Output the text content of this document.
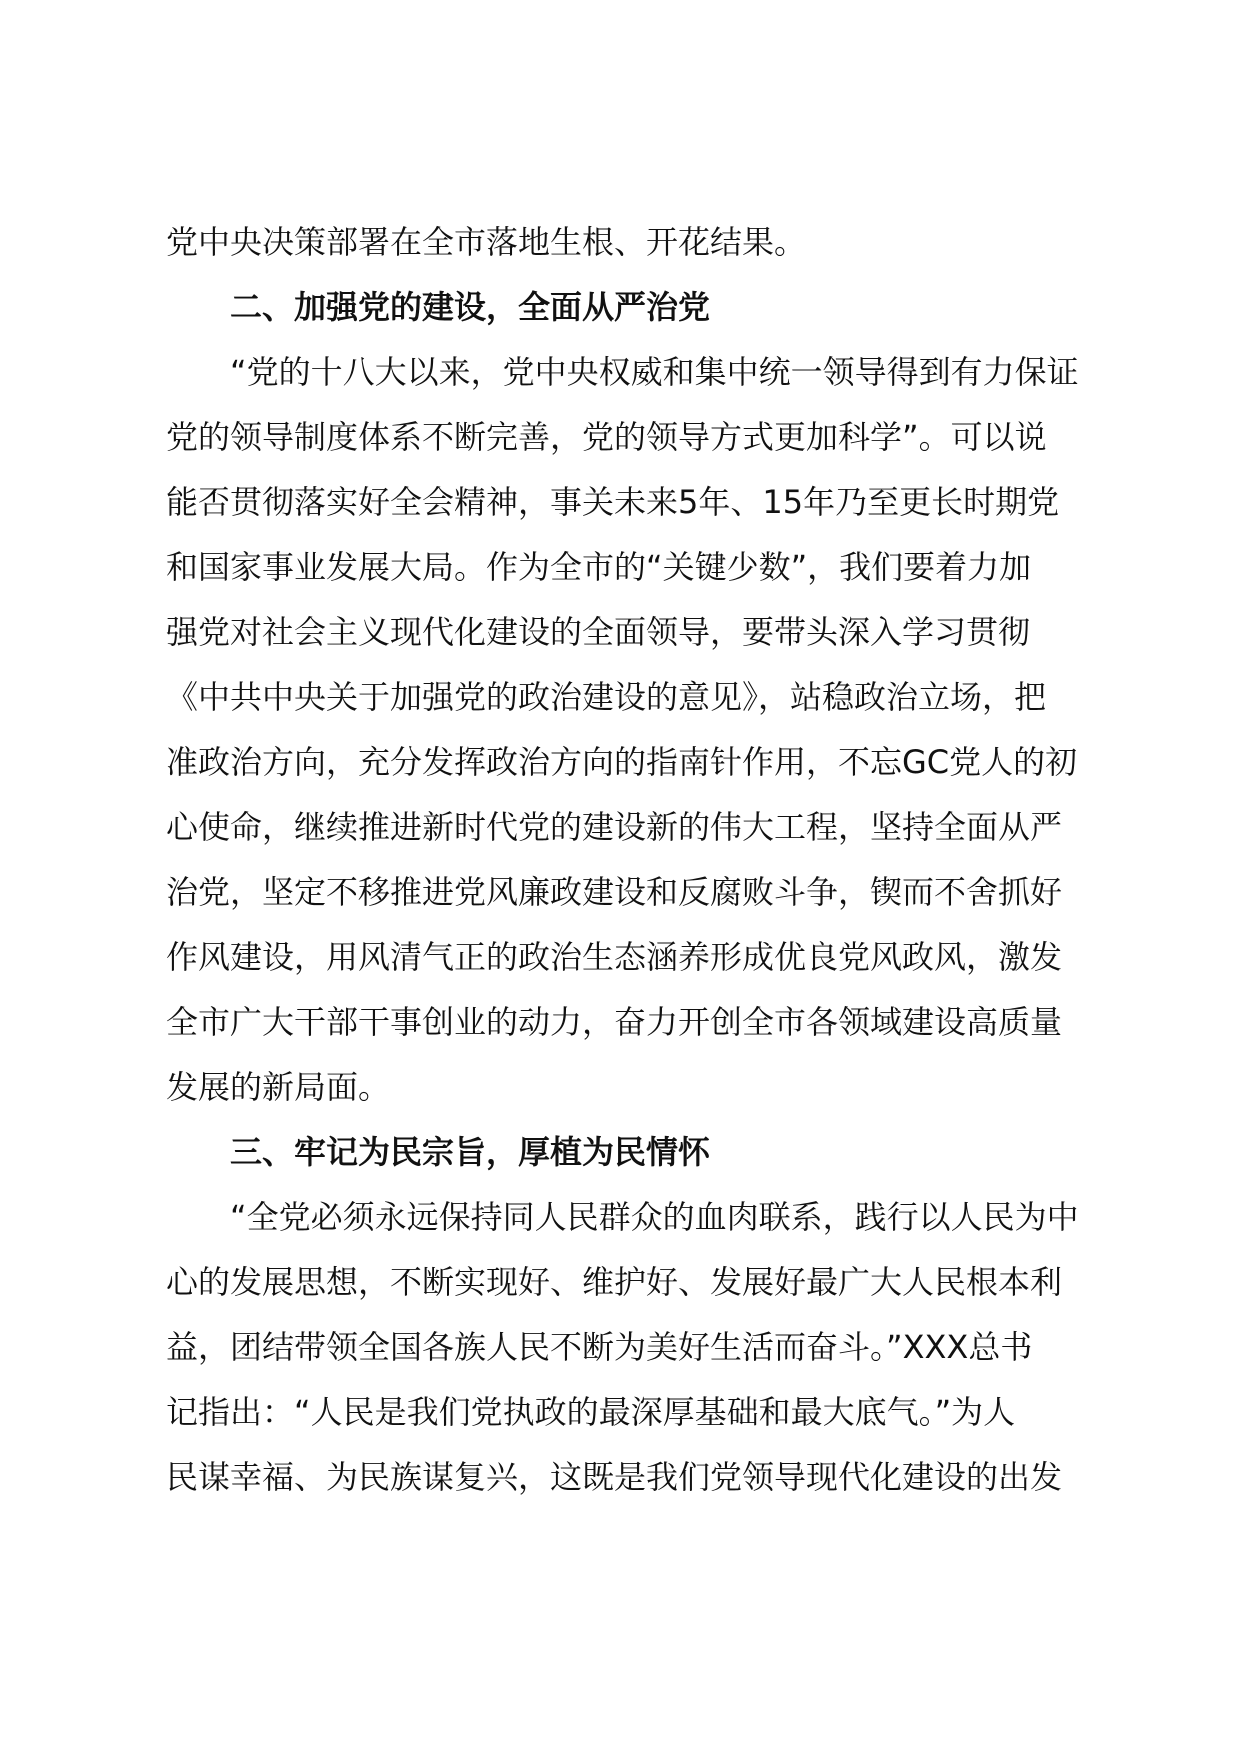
党中央决策部署在全市落地生根、开花结果。
二、加强党的建设，全面从严治党
“党的十八大以来，党中央权威和集中统一领导得到有力保证
党的领导制度体系不断完善，党的领导方式更加科学”。可以说
能否贯彻落实好全会精神，事关未来5年、15年乃至更长时期党
和国家事业发展大局。作为全市的“关键少数”，我们要着力加
强党对社会主义现代化建设的全面领导，要带头深入学习贯彻
《中共中央关于加强党的政治建设的意见》，站稳政治立场，把
准政治方向，充分发挥政治方向的指南针作用，不忘GC党人的初
心使命，继续推进新时代党的建设新的伟大工程，坚持全面从严
治党，坚定不移推进党风廉政建设和反腐败斗争，锲而不舍抓好
作风建设，用风清气正的政治生态涵养形成优良党风政风，激发
全市广大干部干事创业的动力，奋力开创全市各领域建设高质量
发展的新局面。
三、牢记为民宗旨，厚植为民情怀
“全党必须永远保持同人民群众的血肉联系，践行以人民为中
心的发展思想，不断实现好、维护好、发展好最广大人民根本利
益，团结带领全国各族人民不断为美好生活而奋斗。”XXX总书
记指出：“人民是我们党执政的最深厚基础和最大底气。”为人
民谋幸福、为民族谋复兴，这既是我们党领导现代化建设的出发
